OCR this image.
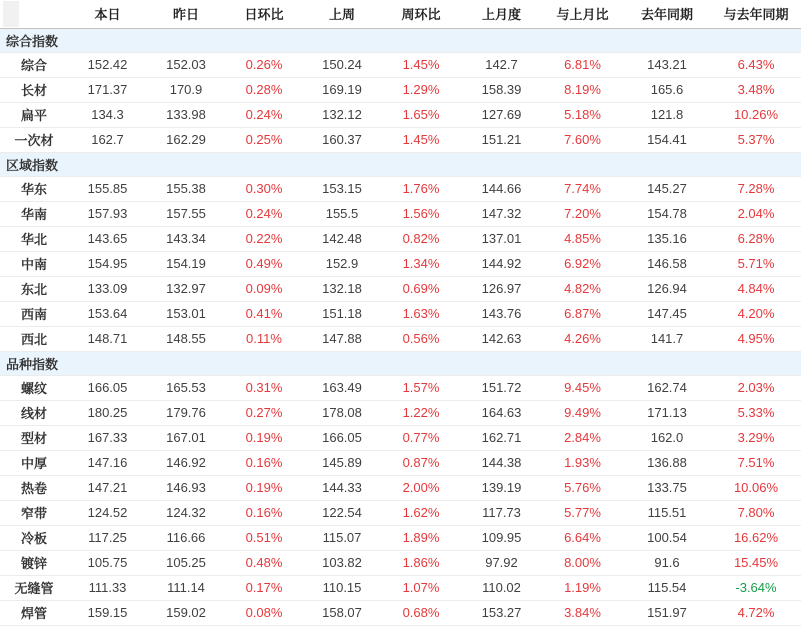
	本日	昨日	日环比	上周	周环比	上月度	与上月比	去年同期	与去年同期
综合指数									
综合	152.42	152.03	0.26%	150.24	1.45%	142.7	6.81%	143.21	6.43%
长材	171.37	170.9	0.28%	169.19	1.29%	158.39	8.19%	165.6	3.48%
扁平	134.3	133.98	0.24%	132.12	1.65%	127.69	5.18%	121.8	10.26%
一次材	162.7	162.29	0.25%	160.37	1.45%	151.21	7.60%	154.41	5.37%
区域指数									
华东	155.85	155.38	0.30%	153.15	1.76%	144.66	7.74%	145.27	7.28%
华南	157.93	157.55	0.24%	155.5	1.56%	147.32	7.20%	154.78	2.04%
华北	143.65	143.34	0.22%	142.48	0.82%	137.01	4.85%	135.16	6.28%
中南	154.95	154.19	0.49%	152.9	1.34%	144.92	6.92%	146.58	5.71%
东北	133.09	132.97	0.09%	132.18	0.69%	126.97	4.82%	126.94	4.84%
西南	153.64	153.01	0.41%	151.18	1.63%	143.76	6.87%	147.45	4.20%
西北	148.71	148.55	0.11%	147.88	0.56%	142.63	4.26%	141.7	4.95%
品种指数									
螺纹	166.05	165.53	0.31%	163.49	1.57%	151.72	9.45%	162.74	2.03%
线材	180.25	179.76	0.27%	178.08	1.22%	164.63	9.49%	171.13	5.33%
型材	167.33	167.01	0.19%	166.05	0.77%	162.71	2.84%	162.0	3.29%
中厚	147.16	146.92	0.16%	145.89	0.87%	144.38	1.93%	136.88	7.51%
热卷	147.21	146.93	0.19%	144.33	2.00%	139.19	5.76%	133.75	10.06%
窄带	124.52	124.32	0.16%	122.54	1.62%	117.73	5.77%	115.51	7.80%
冷板	117.25	116.66	0.51%	115.07	1.89%	109.95	6.64%	100.54	16.62%
镀锌	105.75	105.25	0.48%	103.82	1.86%	97.92	8.00%	91.6	15.45%
无缝管	111.33	111.14	0.17%	110.15	1.07%	110.02	1.19%	115.54	-3.64%
焊管	159.15	159.02	0.08%	158.07	0.68%	153.27	3.84%	151.97	4.72%
